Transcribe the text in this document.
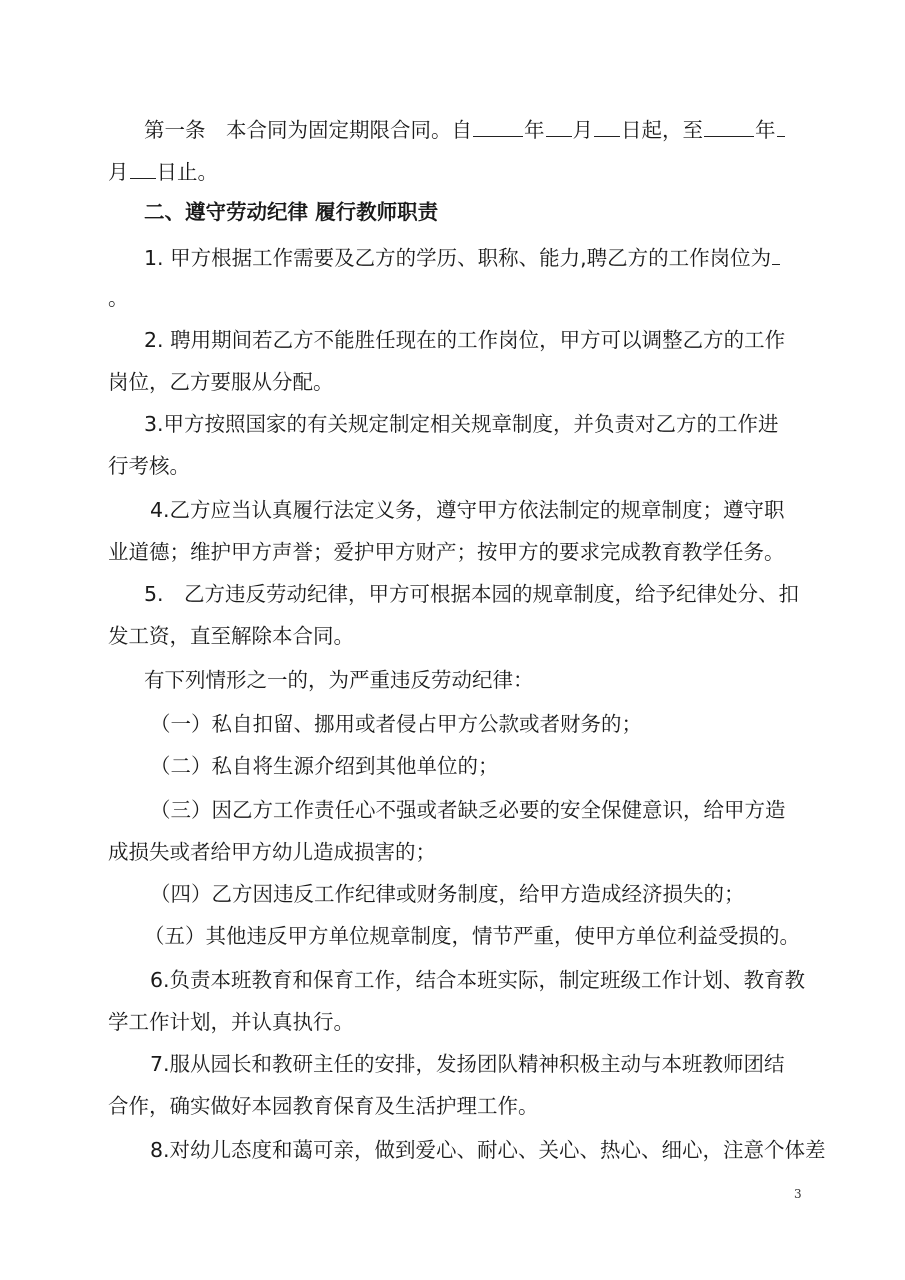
第一条　本合同为固定期限合同。自	年 月 日起，至	年
月 日止。
二、遵守劳动纪律 履行教师职责
1. 甲方根据工作需要及乙方的学历、职称、能力,聘乙方的工作岗位为
。
2. 聘用期间若乙方不能胜任现在的工作岗位，甲方可以调整乙方的工作
岗位，乙方要服从分配。
3.甲方按照国家的有关规定制定相关规章制度，并负责对乙方的工作进
行考核。
4.乙方应当认真履行法定义务，遵守甲方依法制定的规章制度；遵守职
业道德；维护甲方声誉；爱护甲方财产；按甲方的要求完成教育教学任务。
5.　乙方违反劳动纪律，甲方可根据本园的规章制度，给予纪律处分、扣
发工资，直至解除本合同。
有下列情形之一的，为严重违反劳动纪律：
（一）私自扣留、挪用或者侵占甲方公款或者财务的；
（二）私自将生源介绍到其他单位的；
（三）因乙方工作责任心不强或者缺乏必要的安全保健意识，给甲方造
成损失或者给甲方幼儿造成损害的；
（四）乙方因违反工作纪律或财务制度，给甲方造成经济损失的；
（五）其他违反甲方单位规章制度，情节严重，使甲方单位利益受损的。
6.负责本班教育和保育工作，结合本班实际，制定班级工作计划、教育教
学工作计划，并认真执行。
7.服从园长和教研主任的安排，发扬团队精神积极主动与本班教师团结
合作，确实做好本园教育保育及生活护理工作。
8.对幼儿态度和蔼可亲，做到爱心、耐心、关心、热心、细心，注意个体差
3
